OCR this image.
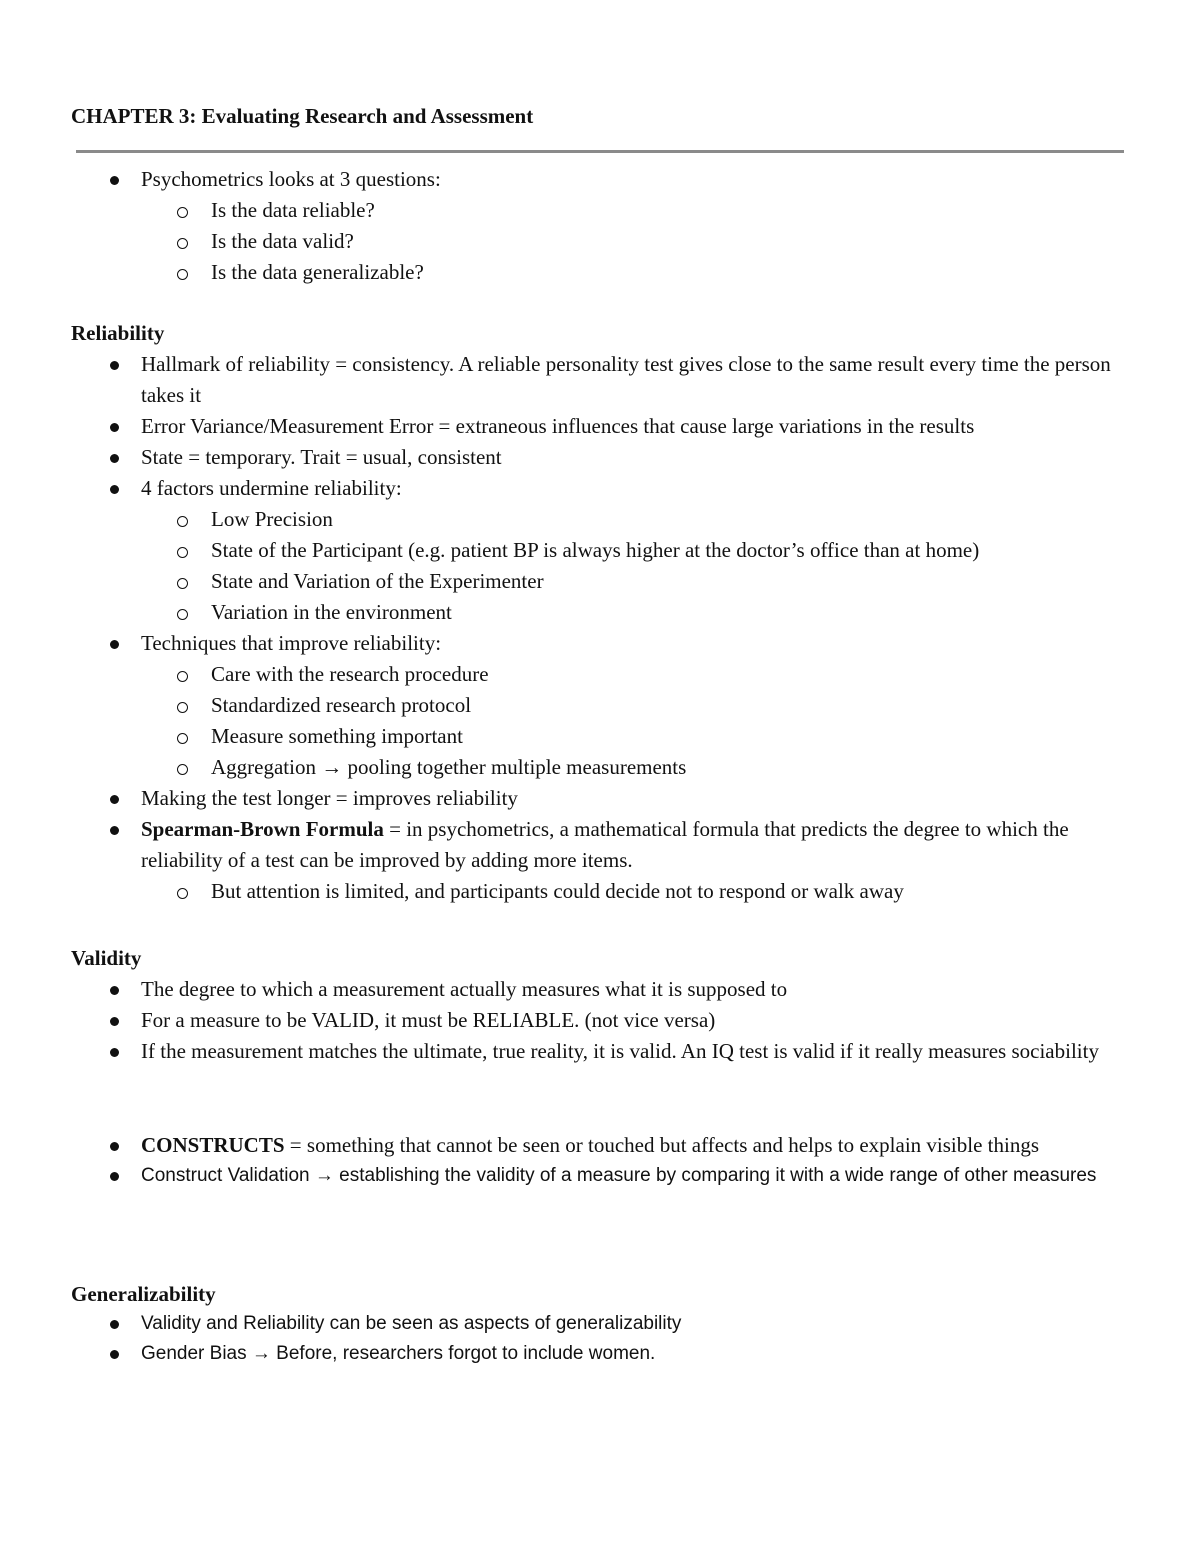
CHAPTER 3: Evaluating Research and Assessment
Psychometrics looks at 3 questions:
Is the data reliable?
Is the data valid?
Is the data generalizable?
Reliability
Hallmark of reliability = consistency. A reliable personality test gives close to the same result every time the person takes it
Error Variance/Measurement Error = extraneous influences that cause large variations in the results
State = temporary. Trait = usual, consistent
4 factors undermine reliability:
Low Precision
State of the Participant (e.g. patient BP is always higher at the doctor’s office than at home)
State and Variation of the Experimenter
Variation in the environment
Techniques that improve reliability:
Care with the research procedure
Standardized research protocol
Measure something important
Aggregation → pooling together multiple measurements
Making the test longer = improves reliability
Spearman-Brown Formula = in psychometrics, a mathematical formula that predicts the degree to which the reliability of a test can be improved by adding more items.
But attention is limited, and participants could decide not to respond or walk away
Validity
The degree to which a measurement actually measures what it is supposed to
For a measure to be VALID, it must be RELIABLE. (not vice versa)
If the measurement matches the ultimate, true reality, it is valid. An IQ test is valid if it really measures sociability
CONSTRUCTS = something that cannot be seen or touched but affects and helps to explain visible things
Construct Validation → establishing the validity of a measure by comparing it with a wide range of other measures
Generalizability
Validity and Reliability can be seen as aspects of generalizability
Gender Bias → Before, researchers forgot to include women.
